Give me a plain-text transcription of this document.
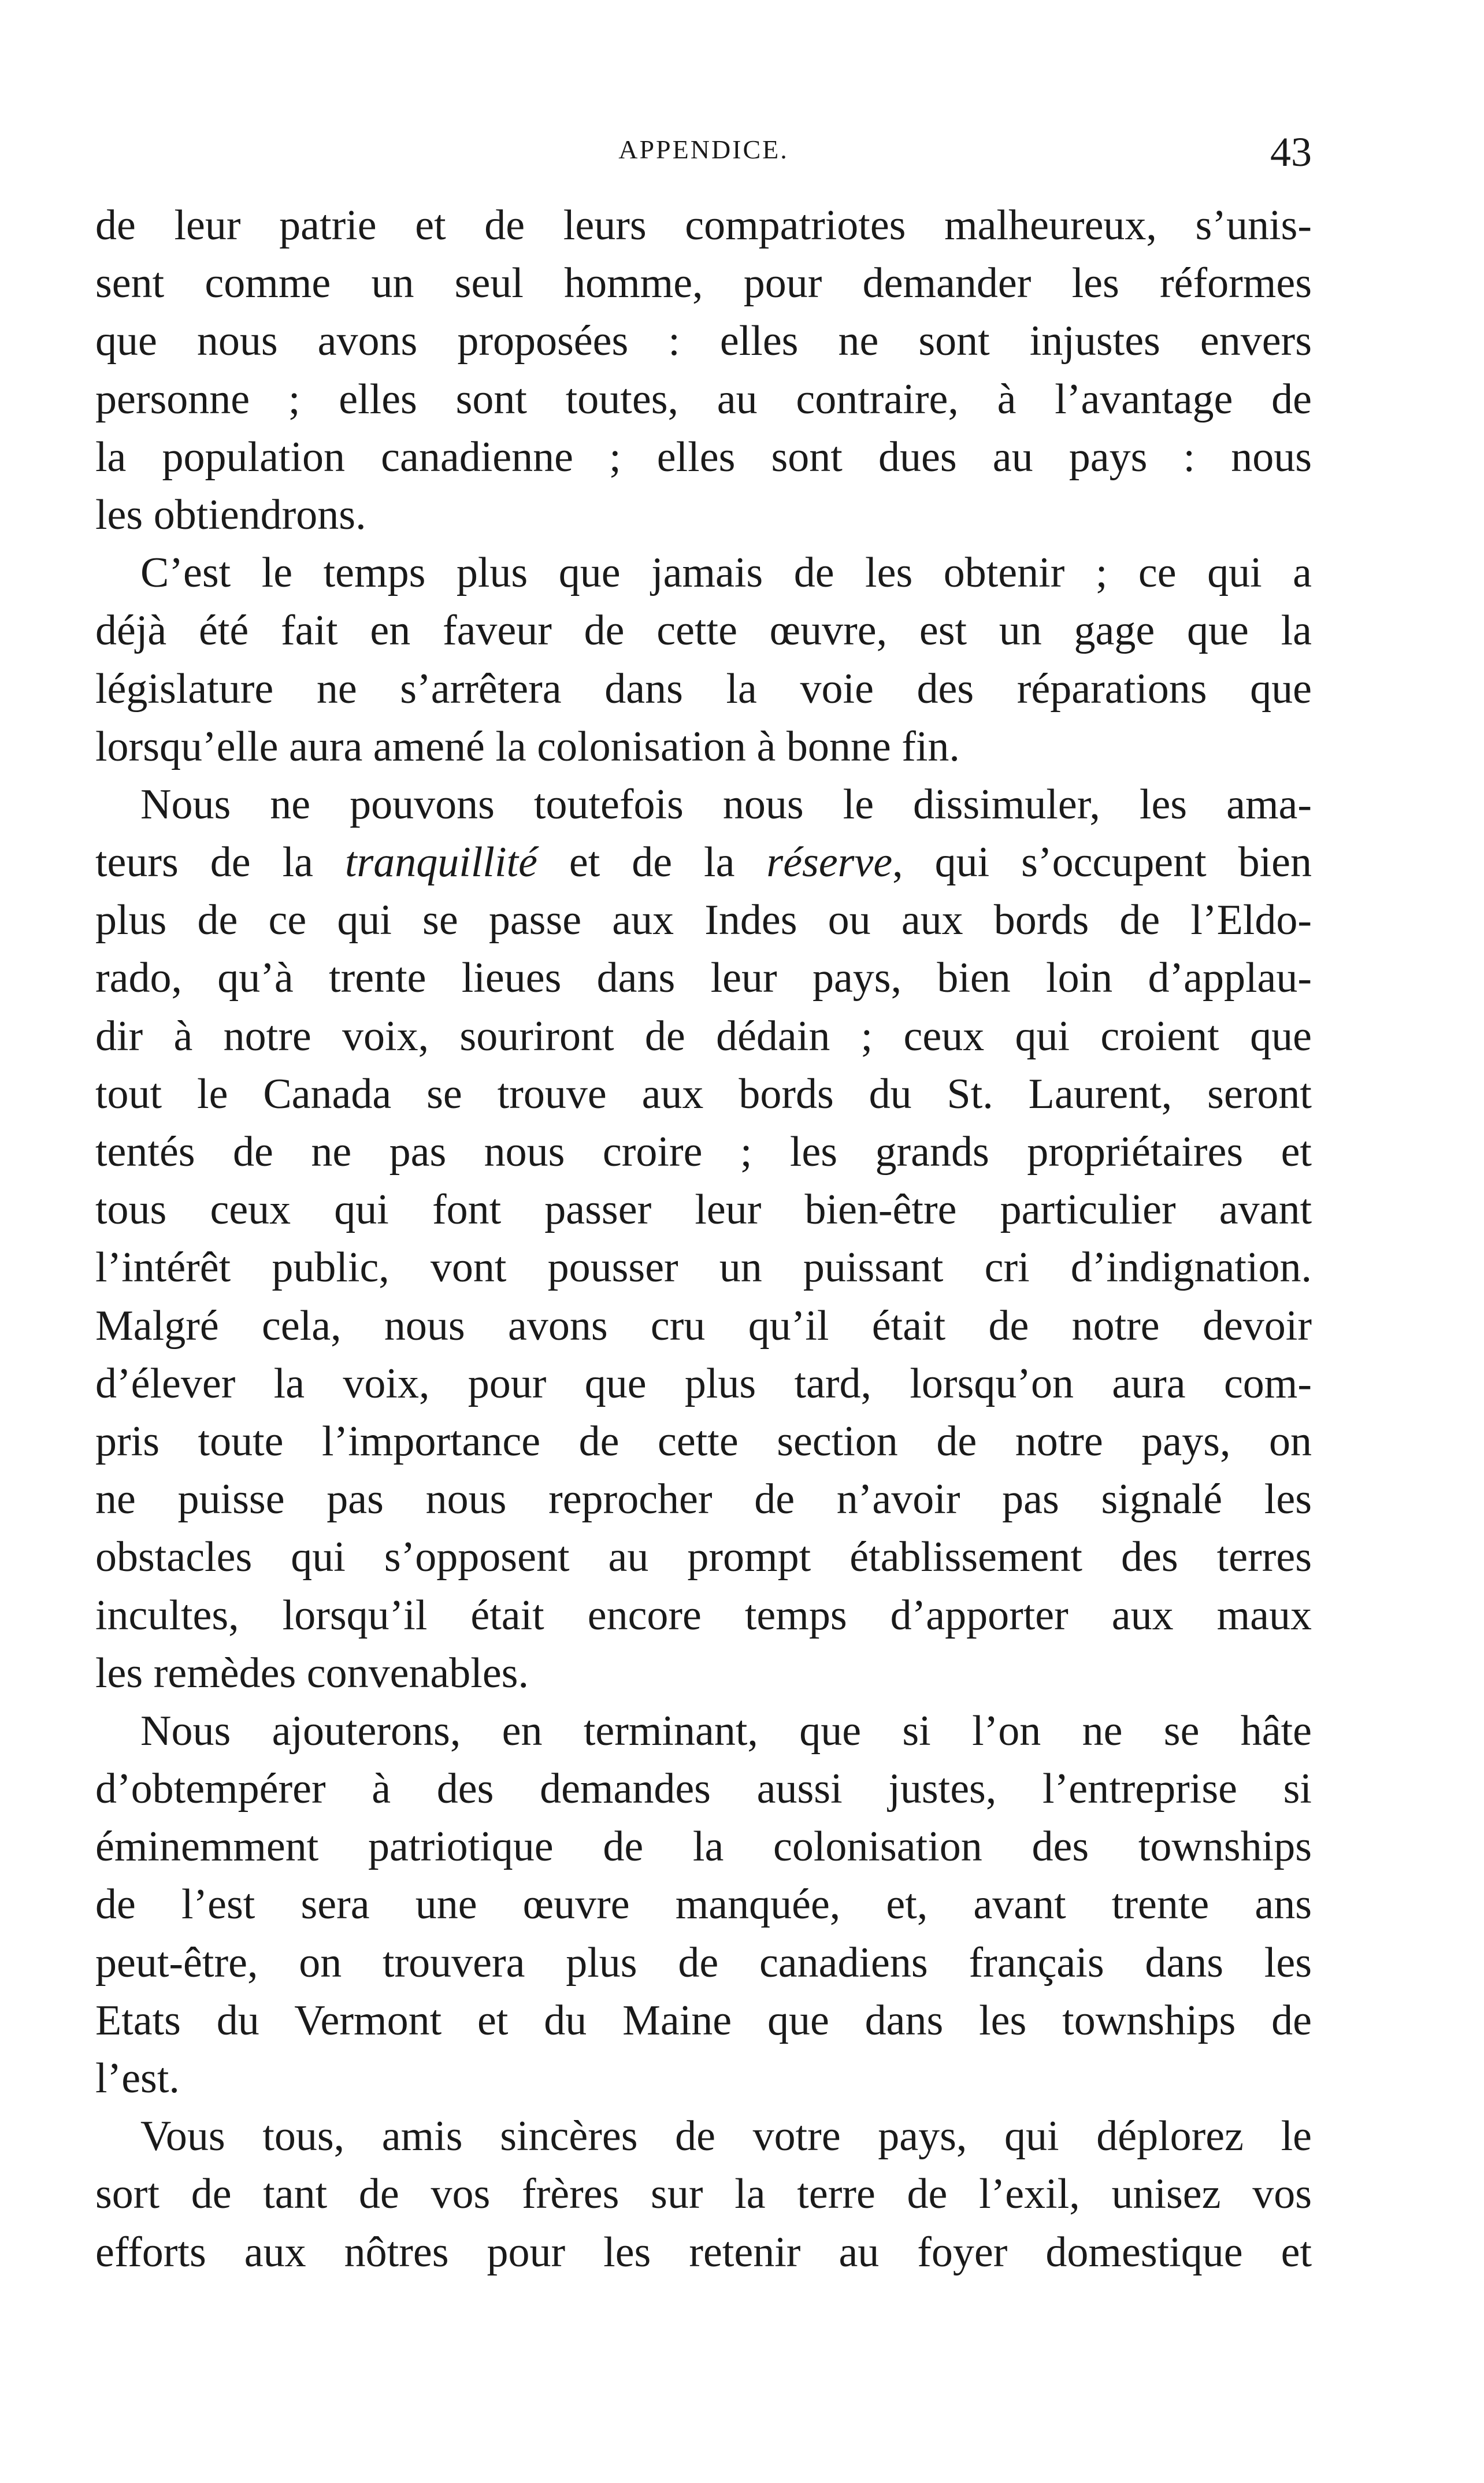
APPENDICE.	43
de leur patrie et de leurs compatriotes malheureux, s’unis-
sent comme un seul homme, pour demander les réformes
que nous avons proposées : elles ne sont injustes envers
personne ; elles sont toutes, au contraire, à l’avantage de
la population canadienne ; elles sont dues au pays : nous
les obtiendrons.
C’est le temps plus que jamais de les obtenir ; ce qui a
déjà été fait en faveur de cette œuvre, est un gage que la
législature ne s’arrêtera dans la voie des réparations que
lorsqu’elle aura amené la colonisation à bonne fin.
Nous ne pouvons toutefois nous le dissimuler, les ama-
teurs de la tranquillité et de la réserve, qui s’occupent bien
plus de ce qui se passe aux Indes ou aux bords de l’Eldo-
rado, qu’à trente lieues dans leur pays, bien loin d’applau-
dir à notre voix, souriront de dédain ; ceux qui croient que
tout le Canada se trouve aux bords du St. Laurent, seront
tentés de ne pas nous croire ; les grands propriétaires et
tous ceux qui font passer leur bien-être particulier avant
l’intérêt public, vont pousser un puissant cri d’indignation.
Malgré cela, nous avons cru qu’il était de notre devoir
d’élever la voix, pour que plus tard, lorsqu’on aura com-
pris toute l’importance de cette section de notre pays, on
ne puisse pas nous reprocher de n’avoir pas signalé les
obstacles qui s’opposent au prompt établissement des terres
incultes, lorsqu’il était encore temps d’apporter aux maux
les remèdes convenables.
Nous ajouterons, en terminant, que si l’on ne se hâte
d’obtempérer à des demandes aussi justes, l’entreprise si
éminemment patriotique de la colonisation des townships
de l’est sera une œuvre manquée, et, avant trente ans
peut-être, on trouvera plus de canadiens français dans les
Etats du Vermont et du Maine que dans les townships de
l’est.
Vous tous, amis sincères de votre pays, qui déplorez le
sort de tant de vos frères sur la terre de l’exil, unisez vos
efforts aux nôtres pour les retenir au foyer domestique et
